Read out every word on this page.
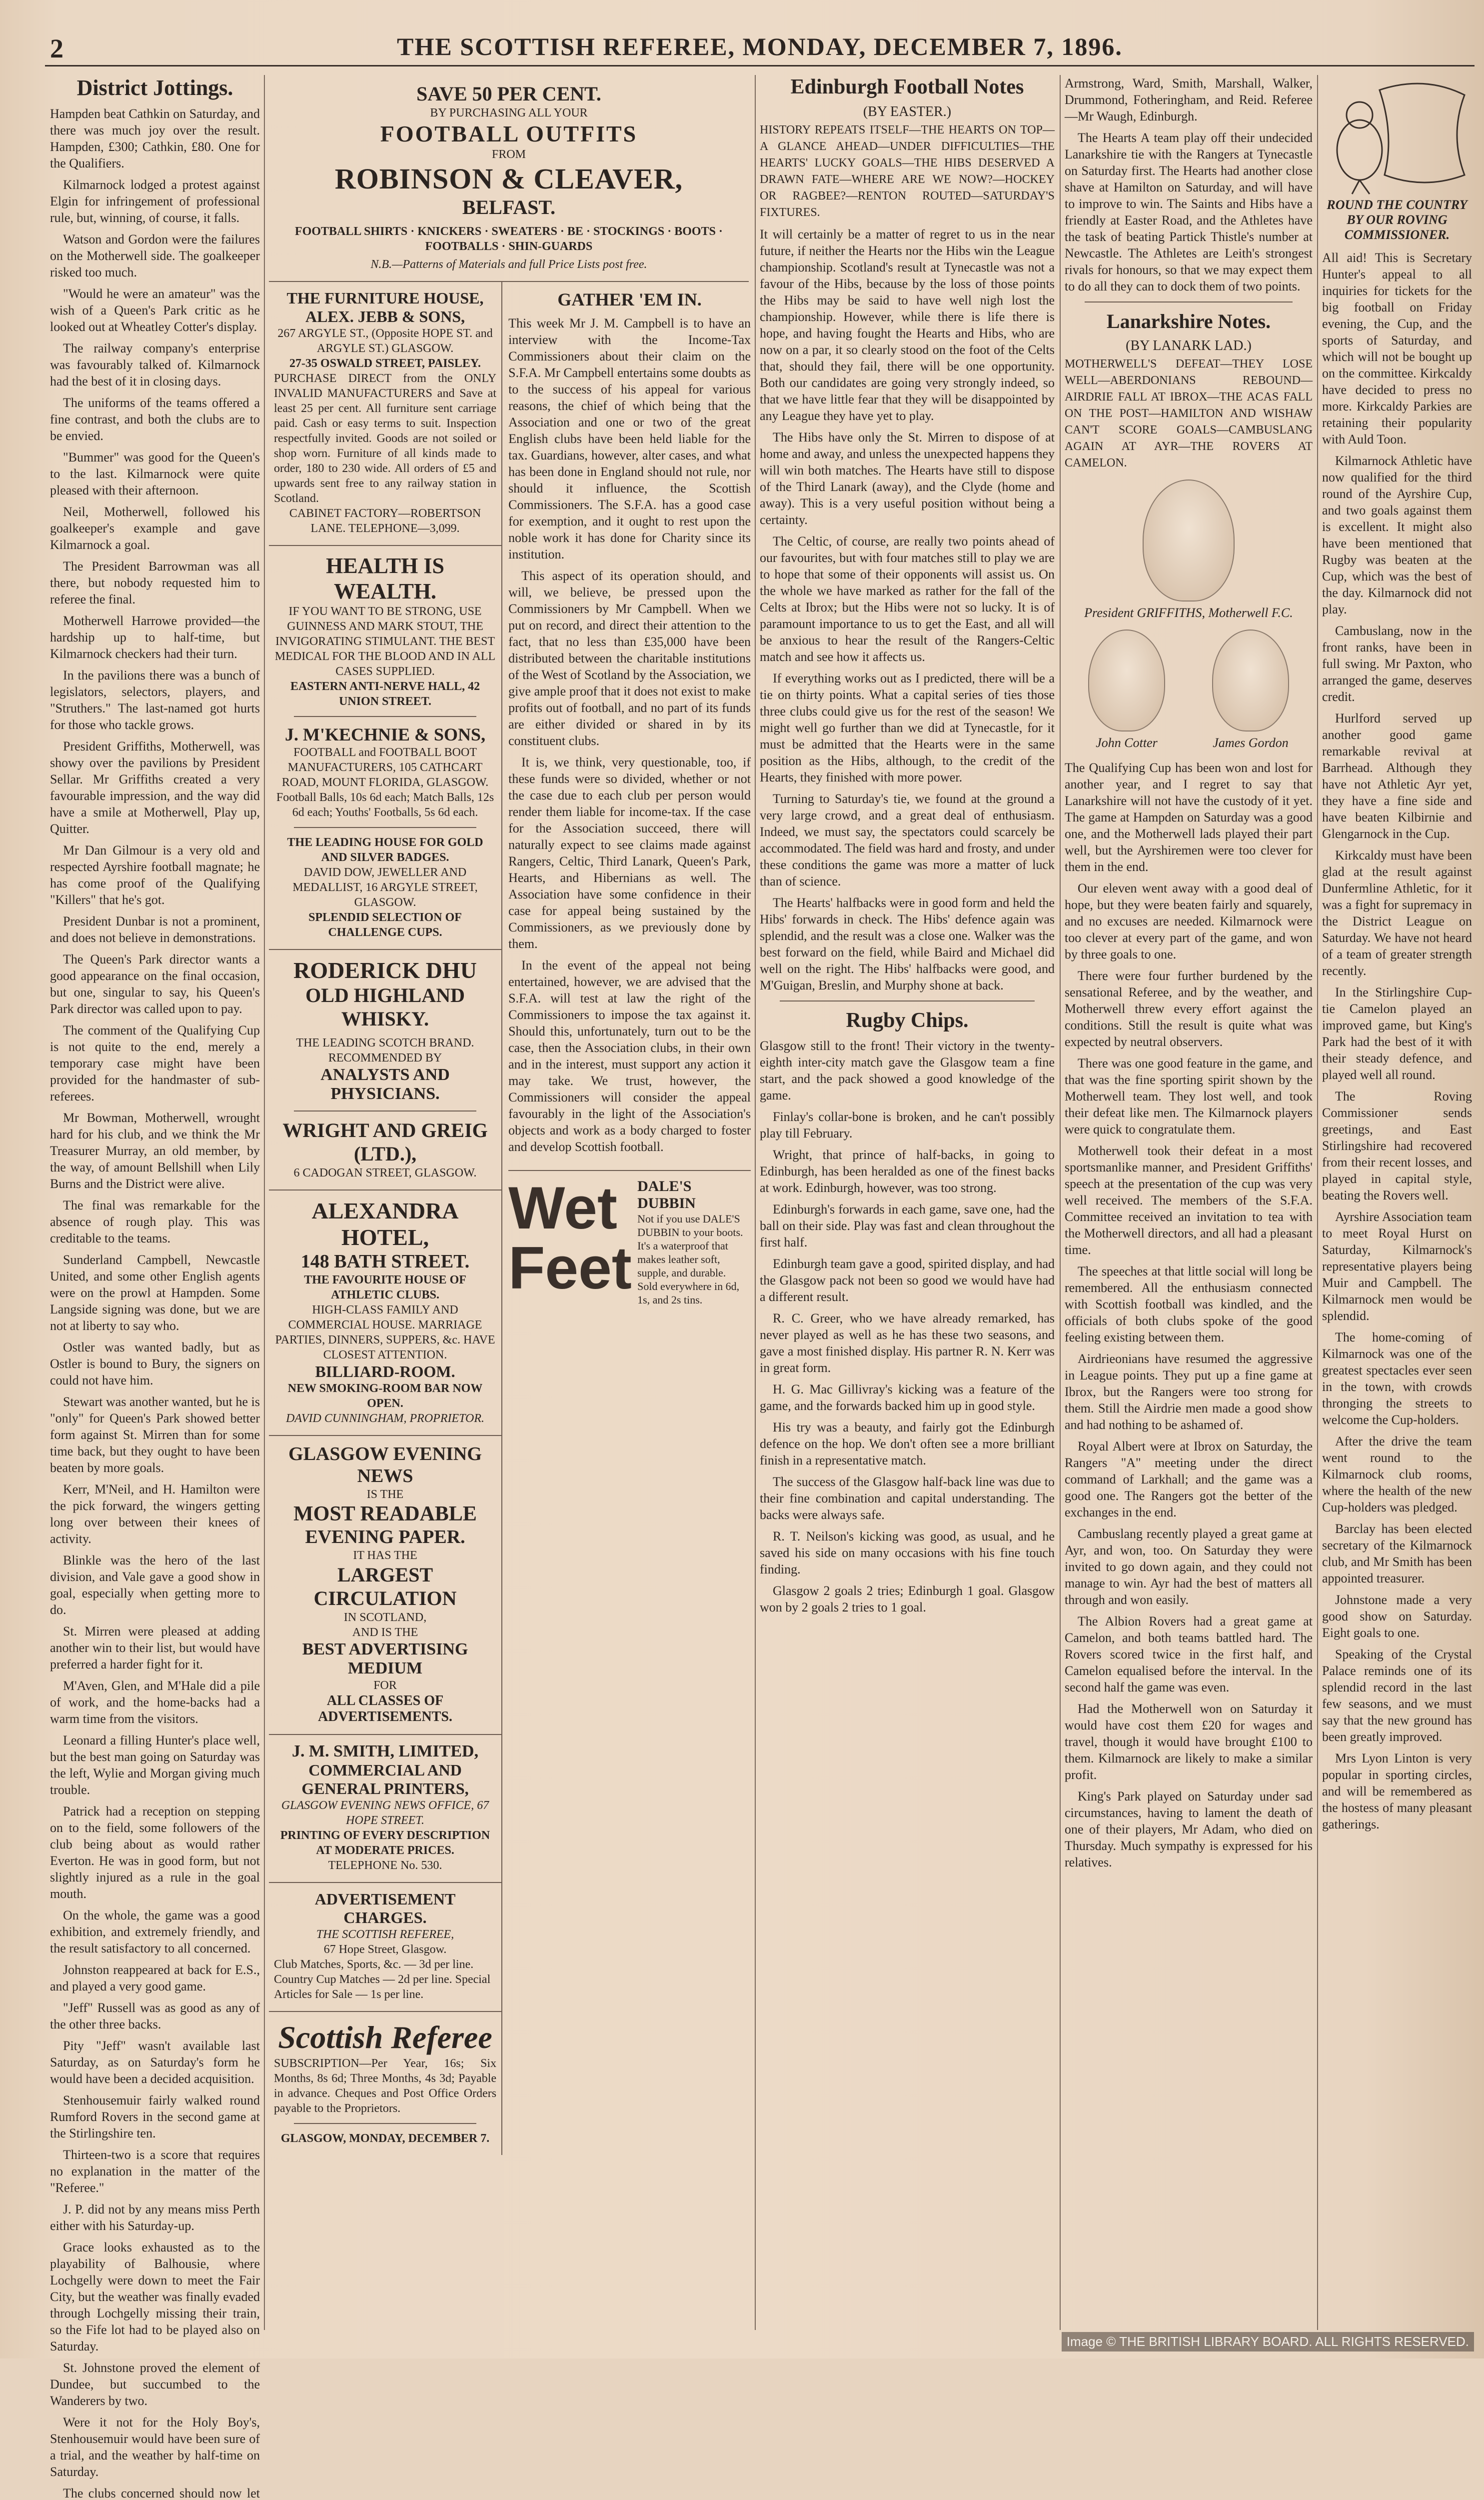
2	THE SCOTTISH REFEREE, MONDAY, DECEMBER 7, 1896.
District Jottings.

Hampden beat Cathkin on Saturday, and there was much joy over the result. Hampden, £300; Cathkin, £80. One for the Qualifiers.

Kilmarnock lodged a protest against Elgin for infringement of professional rule, but, winning, of course, it falls.

Watson and Gordon were the failures on the Motherwell side. The goalkeeper risked too much.

"Would he were an amateur" was the wish of a Queen's Park critic as he looked out at Wheatley Cotter's display.

The railway company's enterprise was favourably talked of. Kilmarnock had the best of it in closing days.

The uniforms of the teams offered a fine contrast, and both the clubs are to be envied.

"Bummer" was good for the Queen's to the last. Kilmarnock were quite pleased with their afternoon.

Neil, Motherwell, followed his goalkeeper's example and gave Kilmarnock a goal.

The President Barrowman was all there, but nobody requested him to referee the final.

Motherwell Harrowe provided—the hardship up to half-time, but Kilmarnock checkers had their turn.

In the pavilions there was a bunch of legislators, selectors, players, and "Struthers." The last-named got hurts for those who tackle grows.

President Griffiths, Motherwell, was showy over the pavilions by President Sellar. Mr Griffiths created a very favourable impression, and the way did have a smile at Motherwell, Play up, Quitter.

Mr Dan Gilmour is a very old and respected Ayrshire football magnate; he has come proof of the Qualifying "Killers" that he's got.

President Dunbar is not a prominent, and does not believe in demonstrations.

The Queen's Park director wants a good appearance on the final occasion, but one, singular to say, his Queen's Park director was called upon to pay.

The comment of the Qualifying Cup is not quite to the end, merely a temporary case might have been provided for the handmaster of sub-referees.

Mr Bowman, Motherwell, wrought hard for his club, and we think the Mr Treasurer Murray, an old member, by the way, of amount Bellshill when Lily Burns and the District were alive.

The final was remarkable for the absence of rough play. This was creditable to the teams.

Sunderland Campbell, Newcastle United, and some other English agents were on the prowl at Hampden. Some Langside signing was done, but we are not at liberty to say who.

Ostler was wanted badly, but as Ostler is bound to Bury, the signers on could not have him.

Stewart was another wanted, but he is "only" for Queen's Park showed better form against St. Mirren than for some time back, but they ought to have been beaten by more goals.

Kerr, M'Neil, and H. Hamilton were the pick forward, the wingers getting long over between their knees of activity.

Blinkle was the hero of the last division, and Vale gave a good show in goal, especially when getting more to do.

St. Mirren were pleased at adding another win to their list, but would have preferred a harder fight for it.

M'Aven, Glen, and M'Hale did a pile of work, and the home-backs had a warm time from the visitors.

Leonard a filling Hunter's place well, but the best man going on Saturday was the left, Wylie and Morgan giving much trouble.

Patrick had a reception on stepping on to the field, some followers of the club being about as would rather Everton. He was in good form, but not slightly injured as a rule in the goal mouth.

On the whole, the game was a good exhibition, and extremely friendly, and the result satisfactory to all concerned.

Johnston reappeared at back for E.S., and played a very good game.

"Jeff" Russell was as good as any of the other three backs.

Pity "Jeff" wasn't available last Saturday, as on Saturday's form he would have been a decided acquisition.

Stenhousemuir fairly walked round Rumford Rovers in the second game at the Stirlingshire ten.

Thirteen-two is a score that requires no explanation in the matter of the "Referee."

J. P. did not by any means miss Perth either with his Saturday-up.

Grace looks exhausted as to the playability of Balhousie, where Lochgelly were down to meet the Fair City, but the weather was finally evaded through Lochgelly missing their train, so the Fife lot had to be played also on Saturday.

St. Johnstone proved the element of Dundee, but succumbed to the Wanderers by two.

Were it not for the Holy Boy's, Stenhousemuir would have been sure of a trial, and the weather by half-time on Saturday.

The clubs concerned should now let

SAVE 50 PER CENT.
BY PURCHASING ALL YOUR
FOOTBALL OUTFITS
FROM
ROBINSON & CLEAVER,
BELFAST.
FOOTBALL SHIRTS · KNICKERS · SWEATERS · BE · STOCKINGS · BOOTS · FOOTBALLS · SHIN-GUARDS
N.B.—Patterns of Materials and full Price Lists post free.
THE FURNITURE HOUSE, ALEX. JEBB & SONS,
267 ARGYLE ST., (Opposite HOPE ST. and ARGYLE ST.) GLASGOW.
27-35 OSWALD STREET, PAISLEY.
PURCHASE DIRECT from the ONLY INVALID MANUFACTURERS and Save at least 25 per cent. All furniture sent carriage paid. Cash or easy terms to suit. Inspection respectfully invited. Goods are not soiled or shop worn. Furniture of all kinds made to order, 180 to 230 wide. All orders of £5 and upwards sent free to any railway station in Scotland.
CABINET FACTORY—ROBERTSON LANE. TELEPHONE—3,099.
HEALTH IS WEALTH.
IF YOU WANT TO BE STRONG, USE GUINNESS AND MARK STOUT, THE INVIGORATING STIMULANT. THE BEST MEDICAL FOR THE BLOOD AND IN ALL CASES SUPPLIED.
EASTERN ANTI-NERVE HALL, 42 UNION STREET.
J. M'KECHNIE & SONS,
FOOTBALL and FOOTBALL BOOT MANUFACTURERS, 105 CATHCART ROAD, MOUNT FLORIDA, GLASGOW. Football Balls, 10s 6d each; Match Balls, 12s 6d each; Youths' Footballs, 5s 6d each.
THE LEADING HOUSE FOR GOLD AND SILVER BADGES.
DAVID DOW, JEWELLER AND MEDALLIST, 16 ARGYLE STREET, GLASGOW.
SPLENDID SELECTION OF CHALLENGE CUPS.
RODERICK DHU
OLD HIGHLAND WHISKY.
THE LEADING SCOTCH BRAND.
RECOMMENDED BY
ANALYSTS AND PHYSICIANS.
WRIGHT AND GREIG (LTD.),
6 CADOGAN STREET, GLASGOW.
ALEXANDRA HOTEL,
148 BATH STREET.
THE FAVOURITE HOUSE OF ATHLETIC CLUBS.
HIGH-CLASS FAMILY AND COMMERCIAL HOUSE. MARRIAGE PARTIES, DINNERS, SUPPERS, &c. HAVE CLOSEST ATTENTION.
BILLIARD-ROOM.
NEW SMOKING-ROOM BAR NOW OPEN.
DAVID CUNNINGHAM, PROPRIETOR.
GLASGOW EVENING NEWS
IS THE
MOST READABLE
EVENING PAPER.
IT HAS THE
LARGEST CIRCULATION
IN SCOTLAND,
AND IS THE
BEST ADVERTISING MEDIUM
FOR
ALL CLASSES OF ADVERTISEMENTS.
J. M. SMITH, LIMITED,
COMMERCIAL AND GENERAL PRINTERS,
GLASGOW EVENING NEWS OFFICE, 67 HOPE STREET.
PRINTING OF EVERY DESCRIPTION AT MODERATE PRICES.
TELEPHONE No. 530.
ADVERTISEMENT CHARGES.
THE SCOTTISH REFEREE,
67 Hope Street, Glasgow.
Club Matches, Sports, &c. — 3d per line. Country Cup Matches — 2d per line. Special Articles for Sale — 1s per line.
Scottish Referee
SUBSCRIPTION—Per Year, 16s; Six Months, 8s 6d; Three Months, 4s 3d; Payable in advance. Cheques and Post Office Orders payable to the Proprietors.
GLASGOW, MONDAY, DECEMBER 7.
GATHER 'EM IN.

This week Mr J. M. Campbell is to have an interview with the Income-Tax Commissioners about their claim on the S.F.A. Mr Campbell entertains some doubts as to the success of his appeal for various reasons, the chief of which being that the Association and one or two of the great English clubs have been held liable for the tax. Guardians, however, alter cases, and what has been done in England should not rule, nor should it influence, the Scottish Commissioners. The S.F.A. has a good case for exemption, and it ought to rest upon the noble work it has done for Charity since its institution.

This aspect of its operation should, and will, we believe, be pressed upon the Commissioners by Mr Campbell. When we put on record, and direct their attention to the fact, that no less than £35,000 have been distributed between the charitable institutions of the West of Scotland by the Association, we give ample proof that it does not exist to make profits out of football, and no part of its funds are either divided or shared in by its constituent clubs.

It is, we think, very questionable, too, if these funds were so divided, whether or not the case due to each club per person would render them liable for income-tax. If the case for the Association succeed, there will naturally expect to see claims made against Rangers, Celtic, Third Lanark, Queen's Park, Hearts, and Hibernians as well. The Association have some confidence in their case for appeal being sustained by the Commissioners, as we previously done by them.

In the event of the appeal not being entertained, however, we are advised that the S.F.A. will test at law the right of the Commissioners to impose the tax against it. Should this, unfortunately, turn out to be the case, then the Association clubs, in their own and in the interest, must support any action it may take. We trust, however, the Commissioners will consider the appeal favourably in the light of the Association's objects and work as a body charged to foster and develop Scottish football.

Wet
Feet
DALE'S DUBBIN
Not if you use DALE'S DUBBIN to your boots. It's a waterproof that makes leather soft, supple, and durable. Sold everywhere in 6d, 1s, and 2s tins.
Edinburgh Football Notes
(BY EASTER.)
HISTORY REPEATS ITSELF—THE HEARTS ON TOP—A GLANCE AHEAD—UNDER DIFFICULTIES—THE HEARTS' LUCKY GOALS—THE HIBS DESERVED A DRAWN FATE—WHERE ARE WE NOW?—HOCKEY OR RAGBEE?—RENTON ROUTED—SATURDAY'S FIXTURES.

It will certainly be a matter of regret to us in the near future, if neither the Hearts nor the Hibs win the League championship. Scotland's result at Tynecastle was not a favour of the Hibs, because by the loss of those points the Hibs may be said to have well nigh lost the championship. However, while there is life there is hope, and having fought the Hearts and Hibs, who are now on a par, it so clearly stood on the foot of the Celts that, should they fail, there will be one opportunity. Both our candidates are going very strongly indeed, so that we have little fear that they will be disappointed by any League they have yet to play.

The Hibs have only the St. Mirren to dispose of at home and away, and unless the unexpected happens they will win both matches. The Hearts have still to dispose of the Third Lanark (away), and the Clyde (home and away). This is a very useful position without being a certainty.

The Celtic, of course, are really two points ahead of our favourites, but with four matches still to play we are to hope that some of their opponents will assist us. On the whole we have marked as rather for the fall of the Celts at Ibrox; but the Hibs were not so lucky. It is of paramount importance to us to get the East, and all will be anxious to hear the result of the Rangers-Celtic match and see how it affects us.

If everything works out as I predicted, there will be a tie on thirty points. What a capital series of ties those three clubs could give us for the rest of the season! We might well go further than we did at Tynecastle, for it must be admitted that the Hearts were in the same position as the Hibs, although, to the credit of the Hearts, they finished with more power.

Turning to Saturday's tie, we found at the ground a very large crowd, and a great deal of enthusiasm. Indeed, we must say, the spectators could scarcely be accommodated. The field was hard and frosty, and under these conditions the game was more a matter of luck than of science.

The Hearts' halfbacks were in good form and held the Hibs' forwards in check. The Hibs' defence again was splendid, and the result was a close one. Walker was the best forward on the field, while Baird and Michael did well on the right. The Hibs' halfbacks were good, and M'Guigan, Breslin, and Murphy shone at back.

Rugby Chips.

Glasgow still to the front! Their victory in the twenty-eighth inter-city match gave the Glasgow team a fine start, and the pack showed a good knowledge of the game.

Finlay's collar-bone is broken, and he can't possibly play till February.

Wright, that prince of half-backs, in going to Edinburgh, has been heralded as one of the finest backs at work. Edinburgh, however, was too strong.

Edinburgh's forwards in each game, save one, had the ball on their side. Play was fast and clean throughout the first half.

Edinburgh team gave a good, spirited display, and had the Glasgow pack not been so good we would have had a different result.

R. C. Greer, who we have already remarked, has never played as well as he has these two seasons, and gave a most finished display. His partner R. N. Kerr was in great form.

H. G. Mac Gillivray's kicking was a feature of the game, and the forwards backed him up in good style.

His try was a beauty, and fairly got the Edinburgh defence on the hop. We don't often see a more brilliant finish in a representative match.

The success of the Glasgow half-back line was due to their fine combination and capital understanding. The backs were always safe.

R. T. Neilson's kicking was good, as usual, and he saved his side on many occasions with his fine touch finding.

Glasgow 2 goals 2 tries; Edinburgh 1 goal. Glasgow won by 2 goals 2 tries to 1 goal.

Armstrong, Ward, Smith, Marshall, Walker, Drummond, Fotheringham, and Reid. Referee—Mr Waugh, Edinburgh.

The Hearts A team play off their undecided Lanarkshire tie with the Rangers at Tynecastle on Saturday first. The Hearts had another close shave at Hamilton on Saturday, and will have to improve to win. The Saints and Hibs have a friendly at Easter Road, and the Athletes have the task of beating Partick Thistle's number at Newcastle. The Athletes are Leith's strongest rivals for honours, so that we may expect them to do all they can to dock them of two points.

Lanarkshire Notes.
(BY LANARK LAD.)
MOTHERWELL'S DEFEAT—THEY LOSE WELL—ABERDONIANS REBOUND—AIRDRIE FALL AT IBROX—THE ACAS FALL ON THE POST—HAMILTON AND WISHAW CAN'T SCORE GOALS—CAMBUSLANG AGAIN AT AYR—THE ROVERS AT CAMELON.
President GRIFFITHS, Motherwell F.C.
John Cotter	James Gordon

The Qualifying Cup has been won and lost for another year, and I regret to say that Lanarkshire will not have the custody of it yet. The game at Hampden on Saturday was a good one, and the Motherwell lads played their part well, but the Ayrshiremen were too clever for them in the end.

Our eleven went away with a good deal of hope, but they were beaten fairly and squarely, and no excuses are needed. Kilmarnock were too clever at every part of the game, and won by three goals to one.

There were four further burdened by the sensational Referee, and by the weather, and Motherwell threw every effort against the conditions. Still the result is quite what was expected by neutral observers.

There was one good feature in the game, and that was the fine sporting spirit shown by the Motherwell team. They lost well, and took their defeat like men. The Kilmarnock players were quick to congratulate them.

Motherwell took their defeat in a most sportsmanlike manner, and President Griffiths' speech at the presentation of the cup was very well received. The members of the S.F.A. Committee received an invitation to tea with the Motherwell directors, and all had a pleasant time.

The speeches at that little social will long be remembered. All the enthusiasm connected with Scottish football was kindled, and the officials of both clubs spoke of the good feeling existing between them.

Airdrieonians have resumed the aggressive in League points. They put up a fine game at Ibrox, but the Rangers were too strong for them. Still the Airdrie men made a good show and had nothing to be ashamed of.

Royal Albert were at Ibrox on Saturday, the Rangers "A" meeting under the direct command of Larkhall; and the game was a good one. The Rangers got the better of the exchanges in the end.

Cambuslang recently played a great game at Ayr, and won, too. On Saturday they were invited to go down again, and they could not manage to win. Ayr had the best of matters all through and won easily.

The Albion Rovers had a great game at Camelon, and both teams battled hard. The Rovers scored twice in the first half, and Camelon equalised before the interval. In the second half the game was even.

Had the Motherwell won on Saturday it would have cost them £20 for wages and travel, though it would have brought £100 to them. Kilmarnock are likely to make a similar profit.

King's Park played on Saturday under sad circumstances, having to lament the death of one of their players, Mr Adam, who died on Thursday. Much sympathy is expressed for his relatives.

ROUND THE COUNTRY BY OUR ROVING COMMISSIONER.

All aid! This is Secretary Hunter's appeal to all inquiries for tickets for the big football on Friday evening, the Cup, and the sports of Saturday, and which will not be bought up on the committee. Kirkcaldy have decided to press no more. Kirkcaldy Parkies are retaining their popularity with Auld Toon.

Kilmarnock Athletic have now qualified for the third round of the Ayrshire Cup, and two goals against them is excellent. It might also have been mentioned that Rugby was beaten at the Cup, which was the best of the day. Kilmarnock did not play.

Cambuslang, now in the front ranks, have been in full swing. Mr Paxton, who arranged the game, deserves credit.

Hurlford served up another good game remarkable revival at Barrhead. Although they have not Athletic Ayr yet, they have a fine side and have beaten Kilbirnie and Glengarnock in the Cup.

Kirkcaldy must have been glad at the result against Dunfermline Athletic, for it was a fight for supremacy in the District League on Saturday. We have not heard of a team of greater strength recently.

In the Stirlingshire Cup-tie Camelon played an improved game, but King's Park had the best of it with their steady defence, and played well all round.

The Roving Commissioner sends greetings, and East Stirlingshire had recovered from their recent losses, and played in capital style, beating the Rovers well.

Ayrshire Association team to meet Royal Hurst on Saturday, Kilmarnock's representative players being Muir and Campbell. The Kilmarnock men would be splendid.

The home-coming of Kilmarnock was one of the greatest spectacles ever seen in the town, with crowds thronging the streets to welcome the Cup-holders.

After the drive the team went round to the Kilmarnock club rooms, where the health of the new Cup-holders was pledged.

Barclay has been elected secretary of the Kilmarnock club, and Mr Smith has been appointed treasurer.

Johnstone made a very good show on Saturday. Eight goals to one.

Speaking of the Crystal Palace reminds one of its splendid record in the last few seasons, and we must say that the new ground has been greatly improved.

Mrs Lyon Linton is very popular in sporting circles, and will be remembered as the hostess of many pleasant gatherings.

Image © THE BRITISH LIBRARY BOARD. ALL RIGHTS RESERVED.
